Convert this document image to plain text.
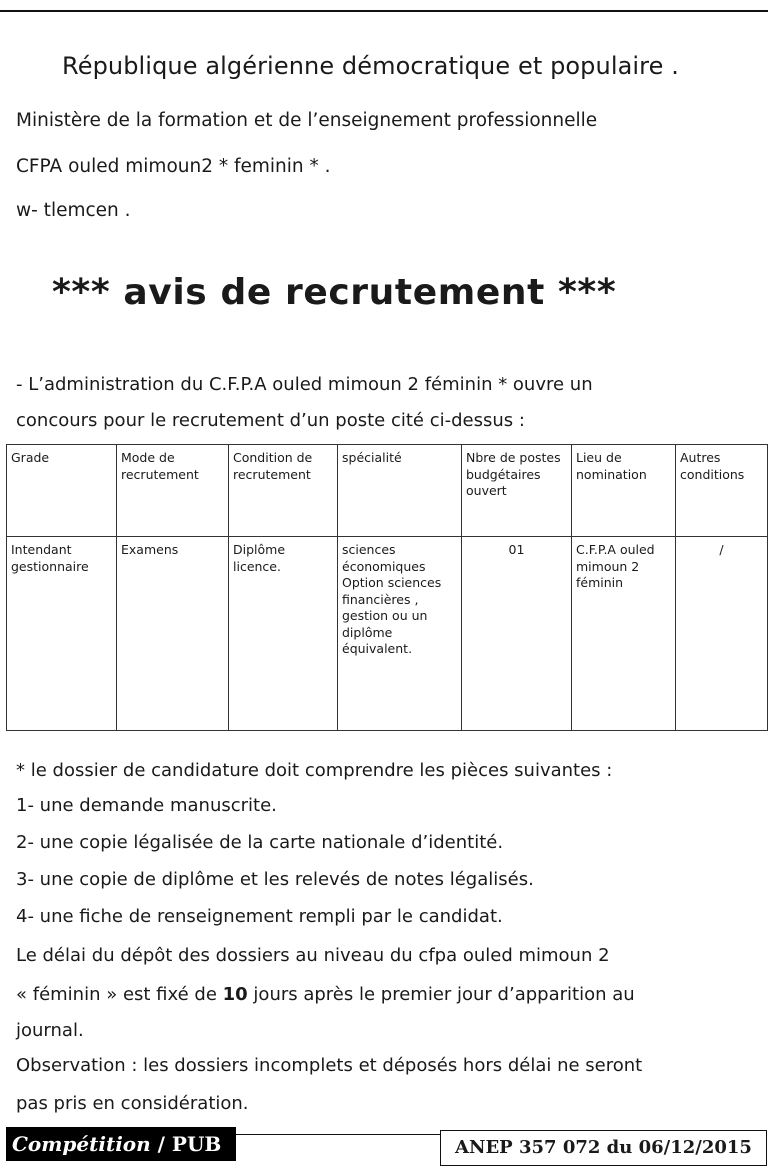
République algérienne démocratique et populaire .
Ministère de la formation et de l’enseignement professionnelle
CFPA ouled mimoun2 * feminin * .
w- tlemcen .
*** avis de recrutement ***
- L’administration du C.F.P.A ouled mimoun 2 féminin * ouvre un
concours pour le recrutement d’un poste cité ci-dessus :
Grade	Mode de recrutement	Condition de recrutement	spécialité	Nbre de postes budgétaires ouvert	Lieu de nomination	Autres conditions
Intendant gestionnaire	Examens	Diplôme licence.	sciences économiques Option sciences financières , gestion ou un diplôme équivalent.	01	C.F.P.A ouled mimoun 2 féminin	/
* le dossier de candidature doit comprendre les pièces suivantes :
1- une demande manuscrite.
2- une copie légalisée de la carte nationale d’identité.
3- une copie de diplôme et les relevés de notes légalisés.
4- une fiche de renseignement rempli par le candidat.
Le délai du dépôt des dossiers au niveau du cfpa ouled mimoun 2
« féminin » est fixé de 10 jours après le premier jour d’apparition au
journal.
Observation : les dossiers incomplets et déposés hors délai ne seront
pas pris en considération.
Compétition / PUB	ANEP 357 072 du 06/12/2015
